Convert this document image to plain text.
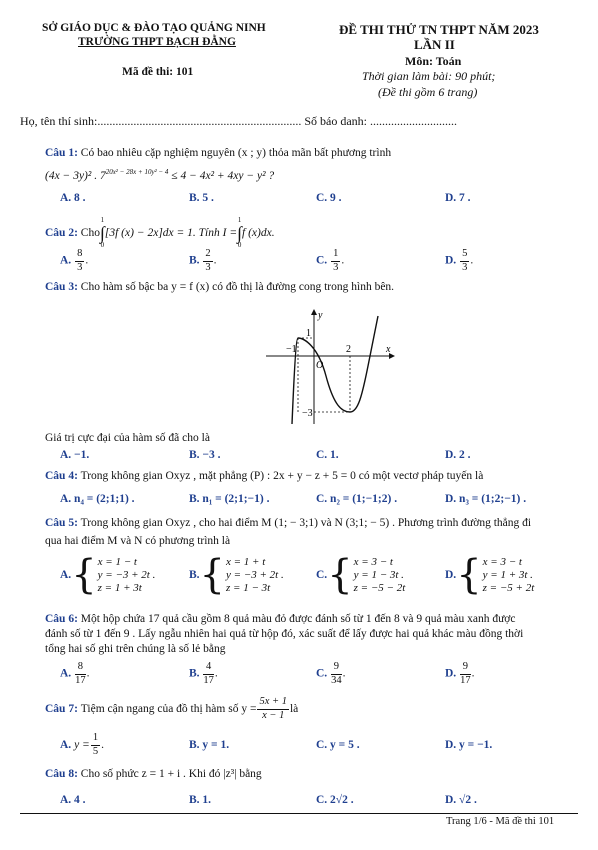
SỞ GIÁO DỤC & ĐÀO TẠO QUẢNG NINH
TRƯỜNG THPT BẠCH ĐẰNG
Mã đề thi: 101
ĐỀ THI THỬ TN THPT NĂM 2023
LẦN II
Môn: Toán
Thời gian làm bài: 90 phút;
(Đề thi gồm 6 trang)
Họ, tên thí sinh:.................................................................... Số báo danh: .............................
Câu 1: Có bao nhiêu cặp nghiệm nguyên (x ; y) thỏa mãn bất phương trình
(4x − 3y)² . $7^{20x^2 - 28x + 10y^2 - 4} \le 4 - 4x^2 + 4xy - y^2$ ?
A. 8 .	B. 5 .	C. 9 .	D. 7 .
Câu 2:
Cho
1
∫
0
[3f (x) − 2x]dx = 1. Tính I =
1
∫
0
f (x)dx.
A. $\frac{8}{3}$ .	B. $\frac{2}{3}$ .	C. $\frac{1}{3}$ .	D. $\frac{5}{3}$ .
Câu 3: Cho hàm số bậc ba y = f (x) có đồ thị là đường cong trong hình bên.
y
x
−1
1
2
−3
O
Giá trị cực đại của hàm số đã cho là
A. −1.	B. −3 .	C. 1.	D. 2 .
Câu 4: Trong không gian Oxyz , mặt phẳng (P) : 2x + y − z + 5 = 0 có một vectơ pháp tuyến là
A. n₄ = (2;1;1) .	B. n₁ = (2;1;−1) .	C. n₂ = (1;−1;2) .	D. n₃ = (1;2;−1) .
Câu 5: Trong không gian Oxyz , cho hai điểm M (1; − 3;1) và N (3;1; − 5) . Phương trình đường thẳng đi
qua hai điểm M và N có phương trình là
A. { x = 1 − t
y = −3 + 2t .
z = 1 + 3t
B. { x = 1 + t
y = −3 + 2t .
z = 1 − 3t
C. { x = 3 − t
y = 1 − 3t .
z = −5 − 2t
D. { x = 3 − t
y = 1 + 3t .
z = −5 + 2t
Câu 6: Một hộp chứa 17 quả cầu gồm 8 quả màu đỏ được đánh số từ 1 đến 8 và 9 quả màu xanh được
đánh số từ 1 đến 9 . Lấy ngẫu nhiên hai quả từ hộp đó, xác suất để lấy được hai quả khác màu đồng thời
tổng hai số ghi trên chúng là số lẻ bằng
A. $\frac{8}{17}$ .	B. $\frac{4}{17}$ .	C. $\frac{9}{34}$ .	D. $\frac{9}{17}$ .
Câu 7:
Tiệm cận ngang của đồ thị hàm số $y = \frac{5x + 1}{x - 1}$ là
A.
$y = \frac{1}{5}$ .	B. y = 1.	C. y = 5 .	D. y = −1.
Câu 8: Cho số phức z = 1 + i . Khi đó |z³| bằng
A. 4 .	B. 1.	C. 2√2 .	D. √2 .
Trang 1/6 - Mã đề thi 101
